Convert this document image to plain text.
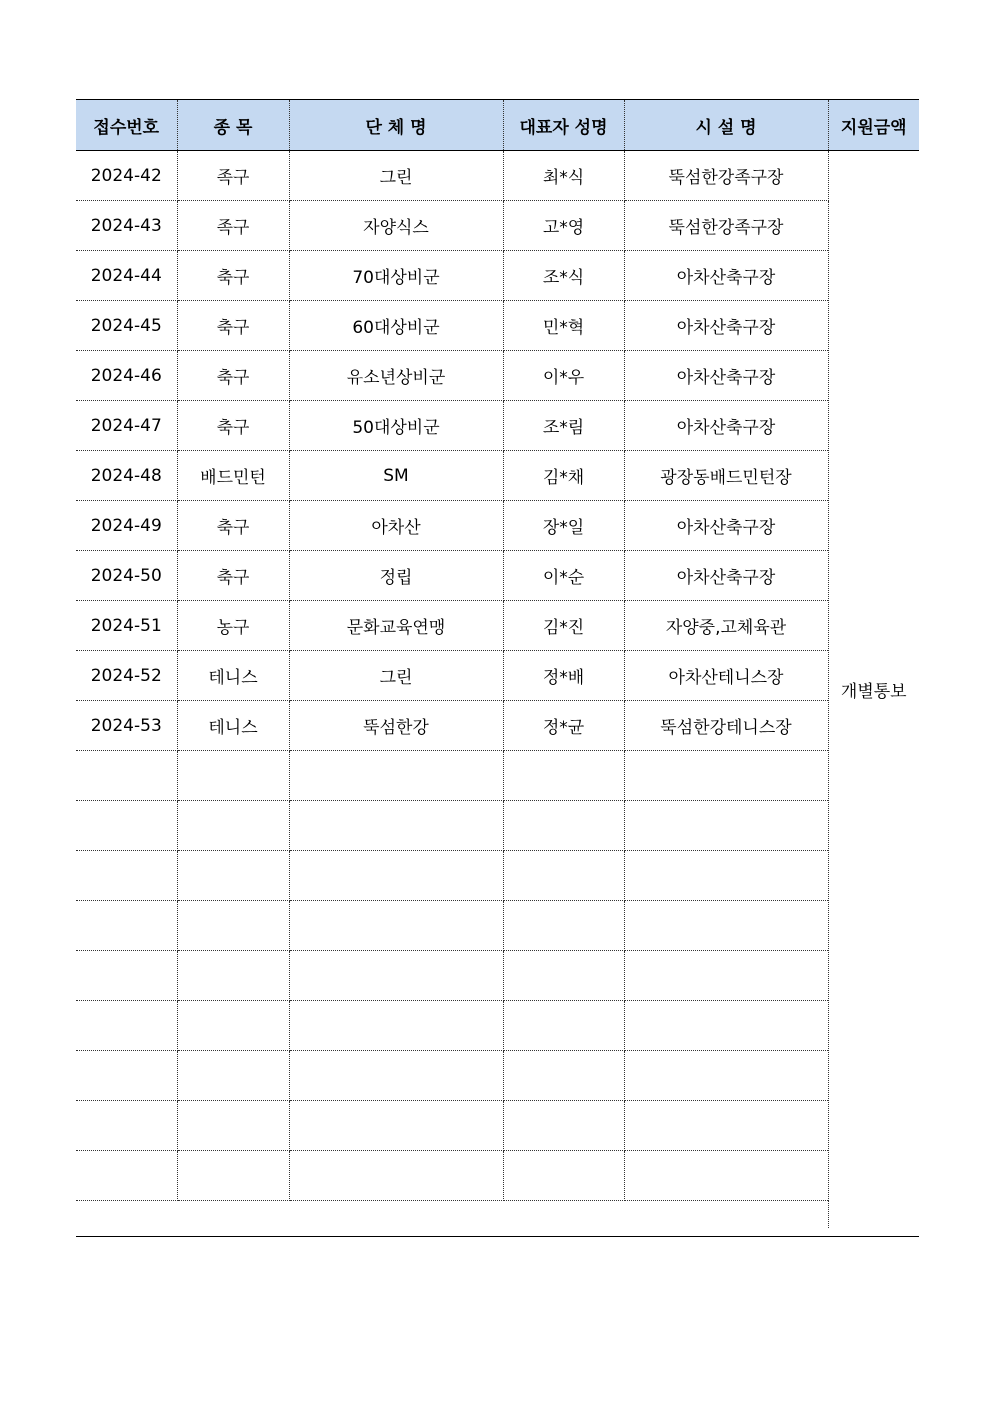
접수번호	종 목	단 체 명	대표자 성명	시 설 명	지원금액
2024-42	족구	그린	최*식	뚝섬한강족구장	개별통보
2024-43	족구	자양식스	고*영	뚝섬한강족구장	
2024-44	축구	70대상비군	조*식	아차산축구장	
2024-45	축구	60대상비군	민*혁	아차산축구장	
2024-46	축구	유소년상비군	이*우	아차산축구장	
2024-47	축구	50대상비군	조*림	아차산축구장	
2024-48	배드민턴	SM	김*채	광장동배드민턴장	
2024-49	축구	아차산	장*일	아차산축구장	
2024-50	축구	정립	이*순	아차산축구장	
2024-51	농구	문화교육연맹	김*진	자양중,고체육관	
2024-52	테니스	그린	정*배	아차산테니스장	
2024-53	테니스	뚝섬한강	정*균	뚝섬한강테니스장	
